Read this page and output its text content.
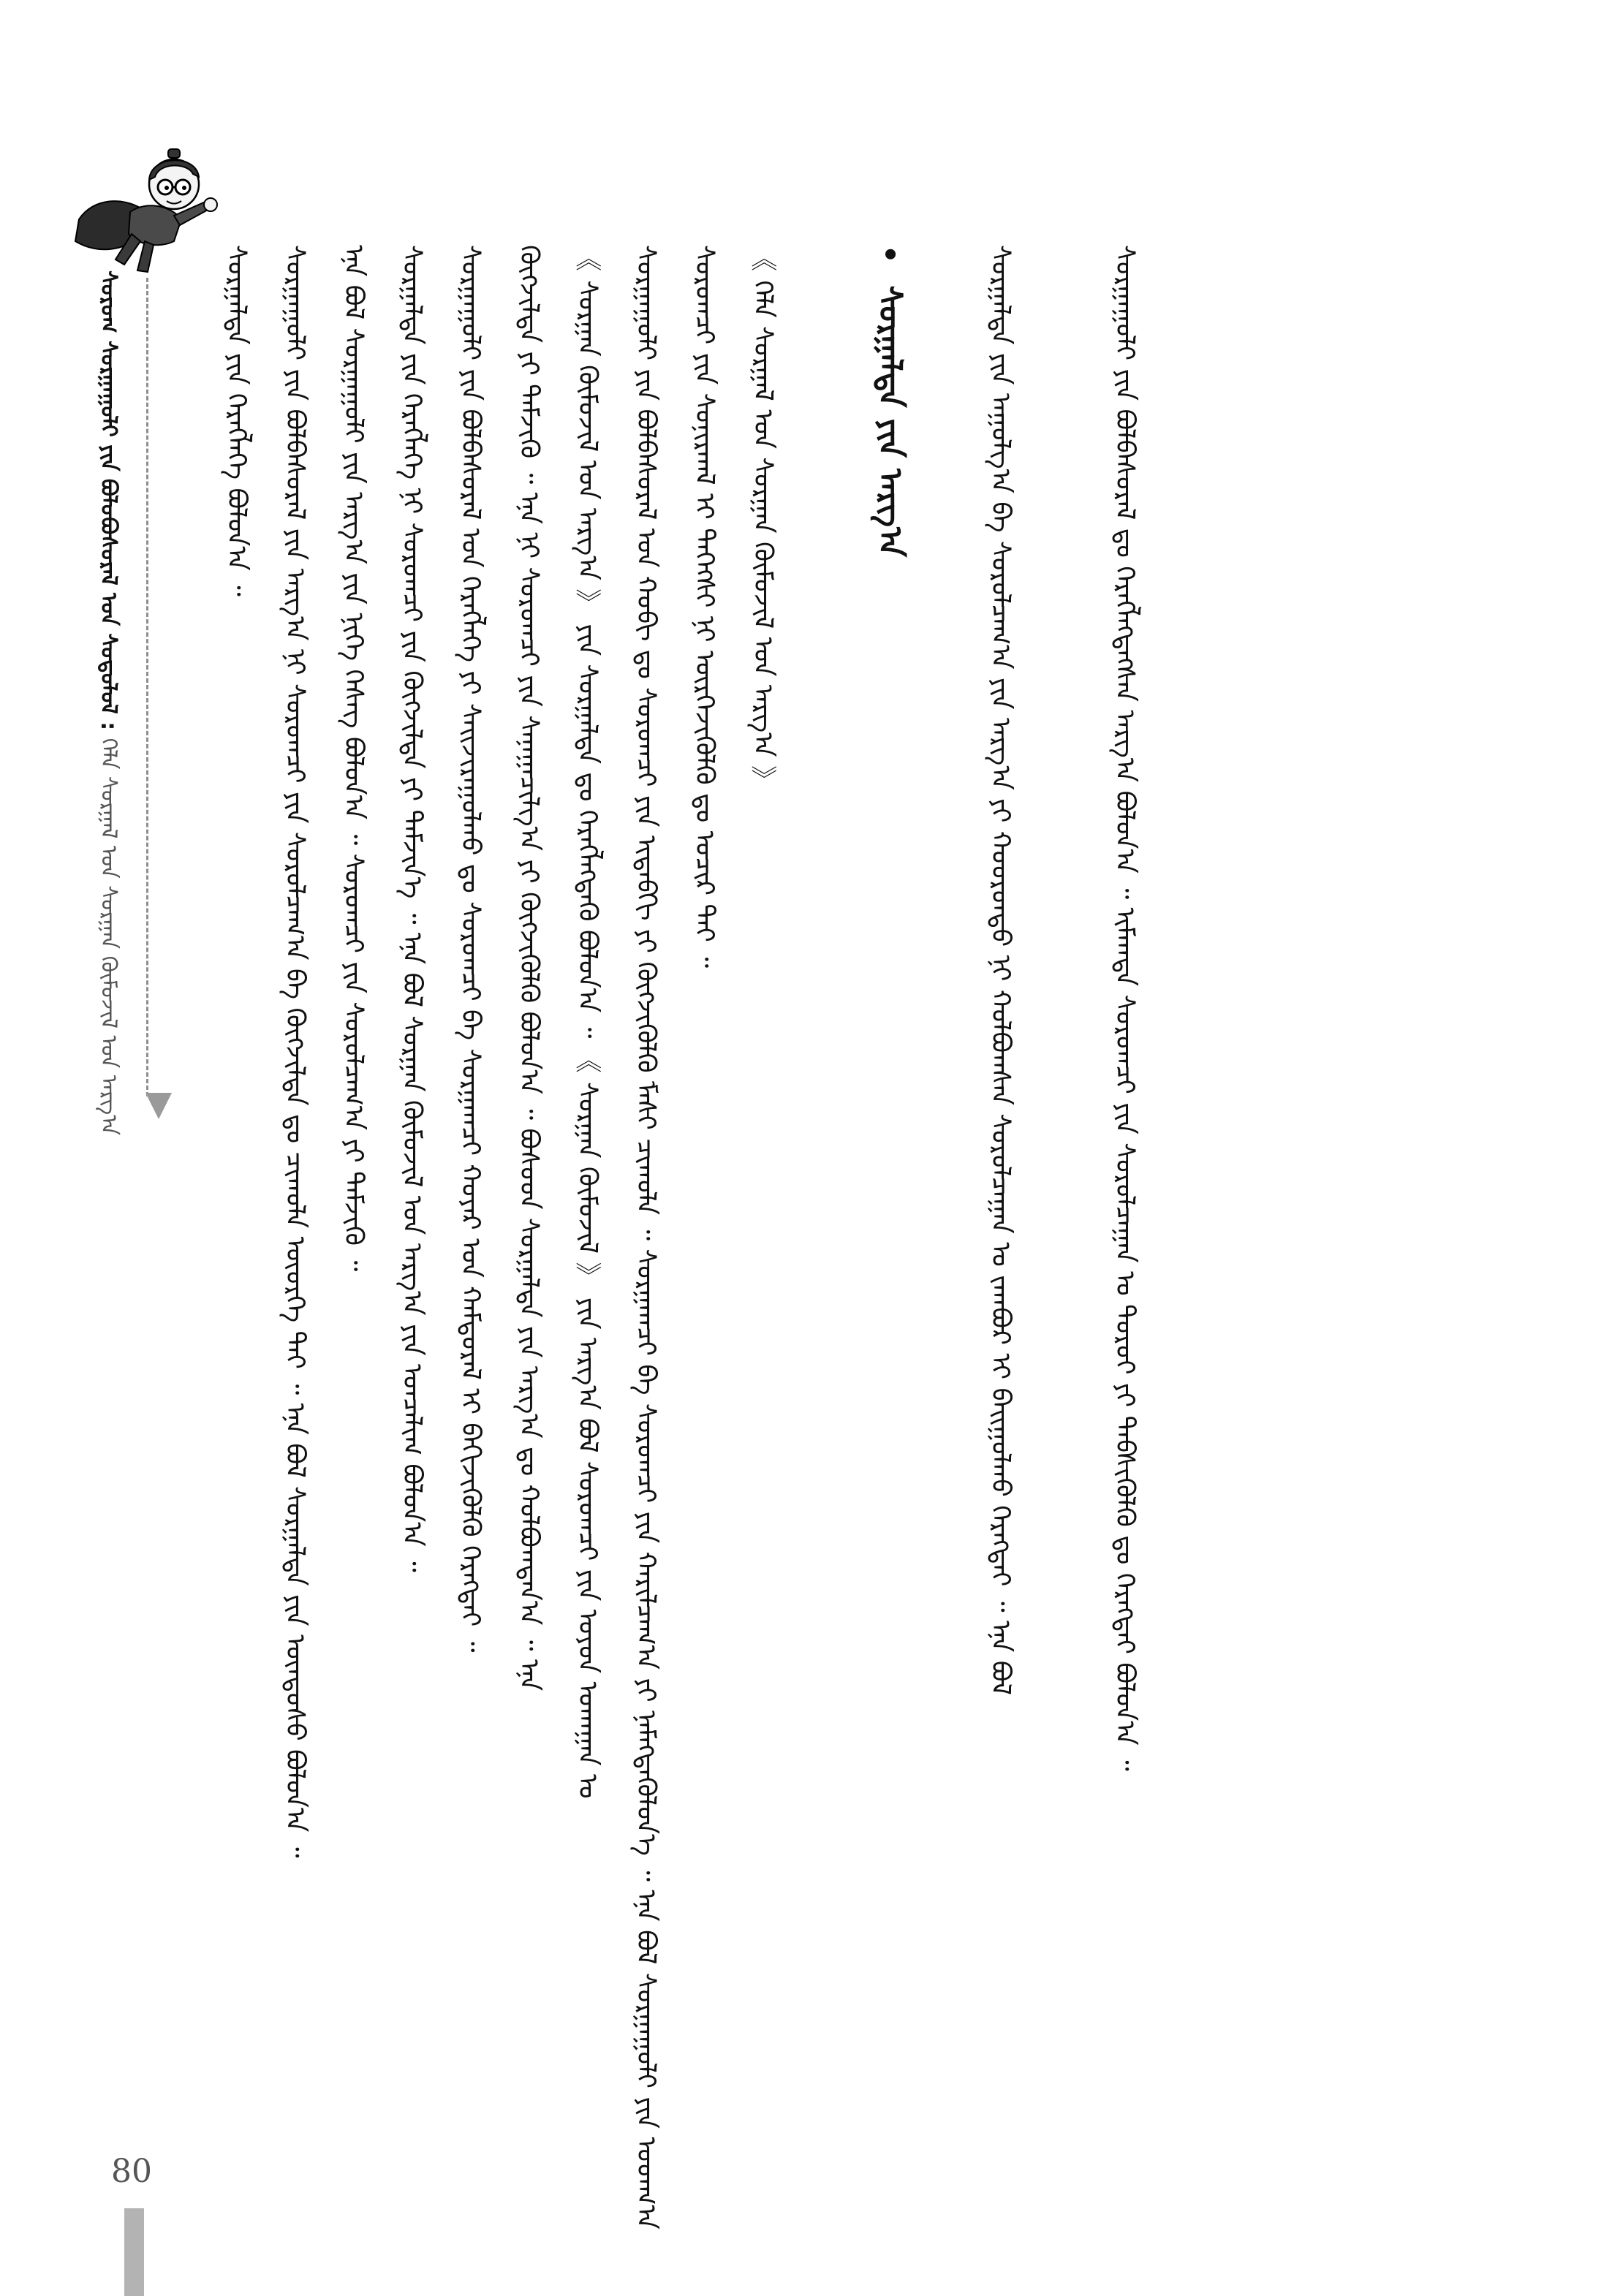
ᠰᠤᠷᠤᠭ ᠰᠤᠷᠭᠠᠭᠤᠯᠢ ᠶᠢᠨ ᠪᠤᠯᠤᠪᠤᠰᠤᠷᠠᠯ ᠤᠨ ᠰᠤᠳᠤᠯᠤᠯ : ᠬᠡᠯᠡ ᠰᠤᠷᠭᠠᠯ ᠤᠨ ᠰᠤᠷᠭᠠᠨ ᠬᠥᠮᠦᠵᠢᠯ ᠤᠨ ᠠᠷᠭ᠎ᠠ
ᠰᠤᠷᠭᠠᠯᠲᠠ ᠶᠢᠨ ᠬᠡᠷᠡᠭᠯᠡᠭᠡ ᠪᠣᠯᠤᠨ᠎ᠠ ᠃ ᠰᠤᠷᠭᠠᠭᠤᠯᠢ ᠶᠢᠨ ᠪᠣᠯᠪᠠᠰᠤᠷᠠᠯ ᠶᠢᠨ ᠠᠷᠭ᠎ᠠ ᠨᠢ ᠰᠤᠷᠤᠭᠴᠢ ᠶᠢᠨ ᠰᠤᠷᠤᠯᠴᠠᠭ᠎ᠠ ᠪᠠ ᠬᠥᠭᠵᠢᠯᠳᠡ ᠳᠤ ᠴᠢᠬᠤᠯᠠ ᠦᠦᠷᠭᠡ ᠲᠠᠢ ᠃ ᠡᠨᠡ ᠪᠣᠯ ᠰᠤᠷᠭᠠᠯᠲᠠ ᠶᠢᠨ ᠦᠨᠳᠦᠰᠦ ᠪᠣᠯᠤᠨ᠎ᠠ ᠃ ᠡᠨᠡ ᠪᠣᠯ ᠰᠤᠷᠭᠠᠭᠤᠯᠢ ᠶᠢᠨ ᠠᠷᠭ᠎ᠠ ᠶᠢᠨ ᠨᠢᠭᠡ ᠬᠡᠰᠡᠭ ᠪᠣᠯᠤᠨ᠎ᠠ ᠃ ᠰᠤᠷᠤᠭᠴᠢ ᠶᠢᠨ ᠰᠤᠷᠤᠯᠴᠠᠭ᠎ᠠ ᠶᠢ ᠳᠡᠮᠵᠢᠬᠦ ᠃ ᠰᠤᠷᠭᠠᠯᠲᠠ ᠶᠢᠨ ᠬᠡᠷᠡᠭᠯᠡᠭᠡ ᠨᠢ ᠰᠤᠷᠤᠭᠴᠢ ᠶᠢᠨ ᠬᠥᠭᠵᠢᠯᠳᠡ ᠶᠢ ᠳᠡᠮᠵᠢᠨ᠎ᠡ ᠃ ᠡᠨᠡ ᠪᠣᠯ ᠰᠤᠷᠭᠠᠨ ᠬᠥᠮᠦᠵᠢᠯ ᠤᠨ ᠠᠷᠭ᠎ᠠ ᠶᠢᠨ ᠣᠨᠴᠠᠯᠢᠭ ᠪᠣᠯᠤᠨ᠎ᠠ ᠃ ᠰᠤᠷᠭᠠᠭᠤᠯᠢ ᠶᠢᠨ ᠪᠣᠯᠪᠠᠰᠤᠷᠠᠯ ᠤᠨ ᠬᠡᠷᠡᠭᠯᠡᠭᠡ ᠶᠢ ᠰᠠᠢᠵᠢᠷᠠᠭᠤᠯᠬᠤ ᠳᠤ ᠰᠤᠷᠤᠭᠴᠢ ᠪᠠ ᠰᠤᠷᠭᠠᠭᠴᠢ ᠬᠣᠶᠠᠷ ᠤᠨ ᠬᠠᠮᠲᠤᠷᠠᠯ ᠢ ᠪᠡᠬᠢᠵᠢᠭᠦᠯᠬᠦ ᠬᠡᠷᠡᠭᠲᠡᠢ ᠃ ᠬᠥᠭᠵᠢᠯᠳᠡ ᠶᠢ ᠳᠡᠮᠵᠢᠬᠦ ᠃ ᠡᠨᠡ ᠨᠢ ᠰᠤᠷᠤᠭᠴᠢ ᠶᠢᠨ ᠰᠠᠨᠠᠭᠠᠴᠢᠯᠭ᠎ᠠ ᠶᠢ ᠬᠥᠭᠵᠢᠭᠦᠯᠬᠦ ᠪᠣᠯᠤᠨ᠎ᠠ ᠃ ᠪᠤᠰᠤᠳ ᠰᠤᠷᠭᠠᠯᠲᠠ ᠶᠢᠨ ᠠᠷᠭ᠎ᠠ ᠳᠤ ᠬᠣᠯᠪᠣᠭᠳᠠᠨ᠎ᠠ ᠃ ᠡᠨᠡ 《 ᠰᠤᠷᠭᠠᠨ ᠬᠥᠮᠦᠵᠢᠯ ᠤᠨ ᠠᠷᠭ᠎ᠠ 》 ᠶᠢᠨ ᠰᠤᠷᠭᠠᠯᠲᠠ ᠳᠤ ᠬᠡᠷᠡᠭᠯᠡᠭᠳᠡᠬᠦ ᠪᠣᠯᠤᠨ᠎ᠠ ᠃ 《 ᠰᠤᠷᠭᠠᠨ ᠬᠥᠮᠦᠵᠢᠯ 》 ᠶᠢᠨ ᠠᠷᠭ᠎ᠠ ᠪᠣᠯ ᠰᠤᠷᠤᠭᠴᠢ ᠶᠢᠨ ᠣᠶᠤᠨ ᠤᠬᠠᠭᠠᠨ ᠤ ᠰᠤᠷᠭᠠᠭᠤᠯᠢ ᠶᠢᠨ ᠪᠣᠯᠪᠠᠰᠤᠷᠠᠯ ᠤᠨ ᠬᠤᠪᠢ ᠳᠤ ᠰᠤᠷᠤᠭᠴᠢ ᠶᠢᠨ ᠢᠳᠡᠪᠬᠢ ᠶᠢ ᠬᠥᠭᠵᠢᠭᠦᠯᠬᠦ ᠮᠠᠰᠢ ᠴᠢᠬᠤᠯᠠ ᠃ ᠰᠤᠷᠭᠠᠭᠴᠢ ᠪᠠ ᠰᠤᠷᠤᠭᠴᠢ ᠶᠢᠨ ᠬᠠᠷᠢᠯᠴᠠᠭ᠎ᠠ ᠶᠢ ᠨᠡᠮᠡᠭᠳᠡᠭᠦᠯᠦᠨ᠎ᠡ ᠃ ᠡᠨᠡ ᠪᠣᠯ ᠰᠤᠷᠭᠠᠭᠤᠯᠢ ᠶᠢᠨ ᠤᠳᠬ᠎ᠠ ᠰᠤᠷᠤᠭᠴᠢ ᠶᠢᠨ ᠰᠣᠨᠢᠷᠬᠠᠯ ᠢ ᠳᠡᠭᠡᠭᠰᠢ ᠨᠢ ᠥᠷᠭᠡᠵᠢᠭᠦᠯᠬᠦ ᠳᠤ ᠤᠴᠢᠷ ᠲᠠᠢ ᠃ 《 ᠬᠡᠯᠡ ᠰᠤᠷᠭᠠᠯ ᠤᠨ ᠰᠤᠷᠭᠠᠨ ᠬᠥᠮᠦᠵᠢᠯ ᠤᠨ ᠠᠷᠭ᠎ᠠ 》	•ᠰᠤᠷᠭᠠᠯᠲᠠ ᠶᠢᠨ ᠠᠷᠭ᠎ᠠ	ᠰᠤᠷᠭᠠᠯᠲᠠ ᠶᠢᠨ ᠠᠭᠤᠯᠭ᠎ᠠ ᠪᠠ ᠰᠤᠷᠤᠯᠴᠠᠭ᠎ᠠ ᠶᠢᠨ ᠠᠷᠭ᠎ᠠ ᠶᠢ ᠬᠣᠣᠷᠣᠨᠳᠣ ᠨᠢ ᠬᠣᠯᠪᠣᠭᠰᠠᠨ ᠰᠤᠷᠤᠯᠴᠠᠭᠠᠨ ᠤ ᠵᠠᠭᠪᠤᠷ ᠢ ᠪᠠᠢᠭᠤᠯᠬᠤ ᠬᠡᠷᠡᠭᠲᠡᠢ ᠃ ᠡᠨᠡ ᠪᠣᠯ	ᠰᠤᠷᠭᠠᠭᠤᠯᠢ ᠶᠢᠨ ᠪᠣᠯᠪᠠᠰᠤᠷᠠᠯ ᠳᠤ ᠬᠡᠷᠡᠭᠯᠡᠭᠳᠡᠭᠰᠡᠨ ᠠᠷᠭ᠎ᠠ ᠪᠣᠯᠤᠨ᠎ᠠ ᠃ ᠢᠮᠠᠭᠳᠠ ᠰᠤᠷᠤᠭᠴᠢ ᠶᠢᠨ ᠰᠤᠷᠤᠯᠴᠠᠭᠠᠨ ᠤ ᠳᠣᠷᠤᠢ ᠶᠢ ᠳᠡᠪᠰᠢᠭᠦᠯᠬᠦ ᠳᠤ ᠬᠡᠷᠡᠭᠲᠡᠢ ᠪᠣᠯᠤᠨ᠎ᠠ ᠃
80
